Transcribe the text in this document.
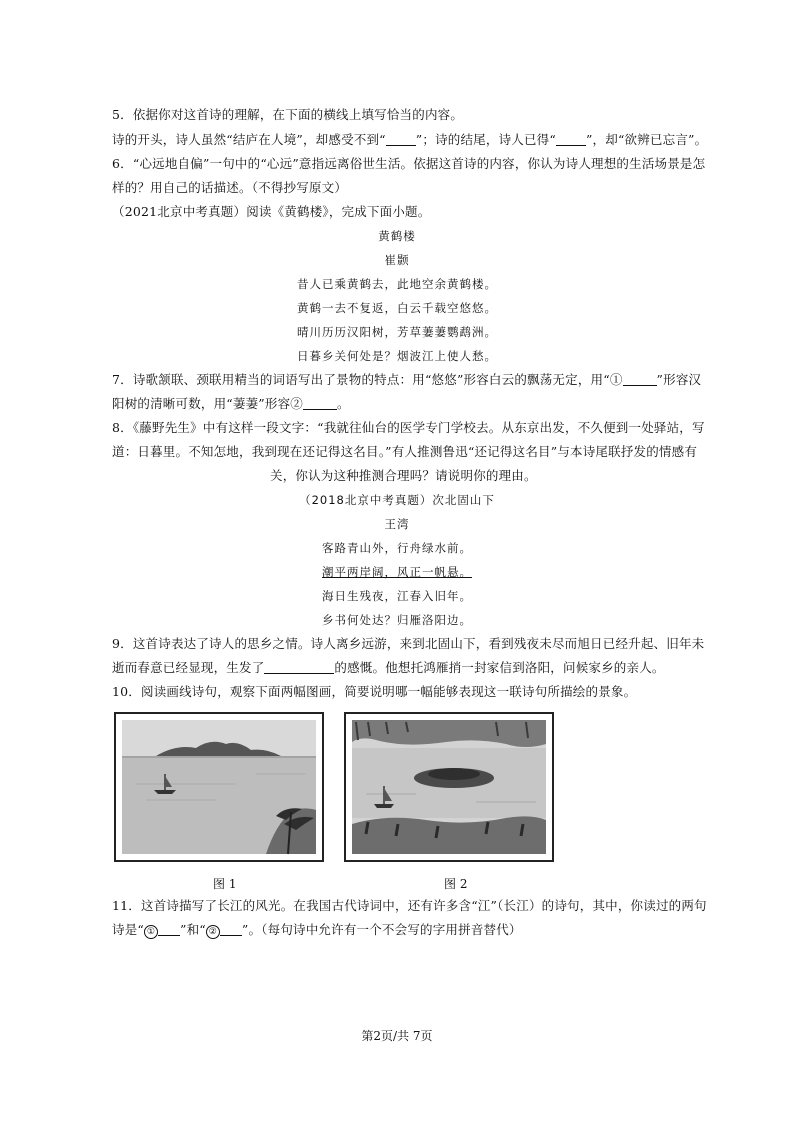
5．依据你对这首诗的理解，在下面的横线上填写恰当的内容。
诗的开头，诗人虽然“结庐在人境”，却感受不到“ ”；诗的结尾，诗人已得“ ”，却“欲辨已忘言”。
6．“心远地自偏”一句中的“心远”意指远离俗世生活。依据这首诗的内容，你认为诗人理想的生活场景是怎
样的？用自己的话描述。（不得抄写原文）
（2021北京中考真题）阅读《黄鹤楼》，完成下面小题。
黄鹤楼
崔颢
昔人已乘黄鹤去，此地空余黄鹤楼。
黄鹤一去不复返，白云千载空悠悠。
晴川历历汉阳树，芳草萋萋鹦鹉洲。
日暮乡关何处是？烟波江上使人愁。
7．诗歌颔联、颈联用精当的词语写出了景物的特点：用“悠悠”形容白云的飘荡无定，用“①	”形容汉
阳树的清晰可数，用“萋萋”形容②	。
8．《藤野先生》中有这样一段文字：“我就往仙台的医学专门学校去。从东京出发，不久便到一处驿站，写
道：日暮里。不知怎地，我到现在还记得这名目。”有人推测鲁迅“还记得这名目”与本诗尾联抒发的情感有
关，你认为这种推测合理吗？请说明你的理由。
（2018北京中考真题）次北固山下
王湾
客路青山外，行舟绿水前。
潮平两岸阔，风正一帆悬。
海日生残夜，江春入旧年。
乡书何处达？归雁洛阳边。
9．这首诗表达了诗人的思乡之情。诗人离乡远游，来到北固山下，看到残夜未尽而旭日已经升起、旧年未
逝而春意已经显现，生发了	的感慨。他想托鸿雁捎一封家信到洛阳，问候家乡的亲人。
10．阅读画线诗句，观察下面两幅图画，简要说明哪一幅能够表现这一联诗句所描绘的景象。
图 1	图 2
11．这首诗描写了长江的风光。在我国古代诗词中，还有许多含“江”（长江）的诗句，其中，你读过的两句
诗是“ ① ”和“ ② ”。（每句诗中允许有一个不会写的字用拼音替代）
第2页/共 7页
